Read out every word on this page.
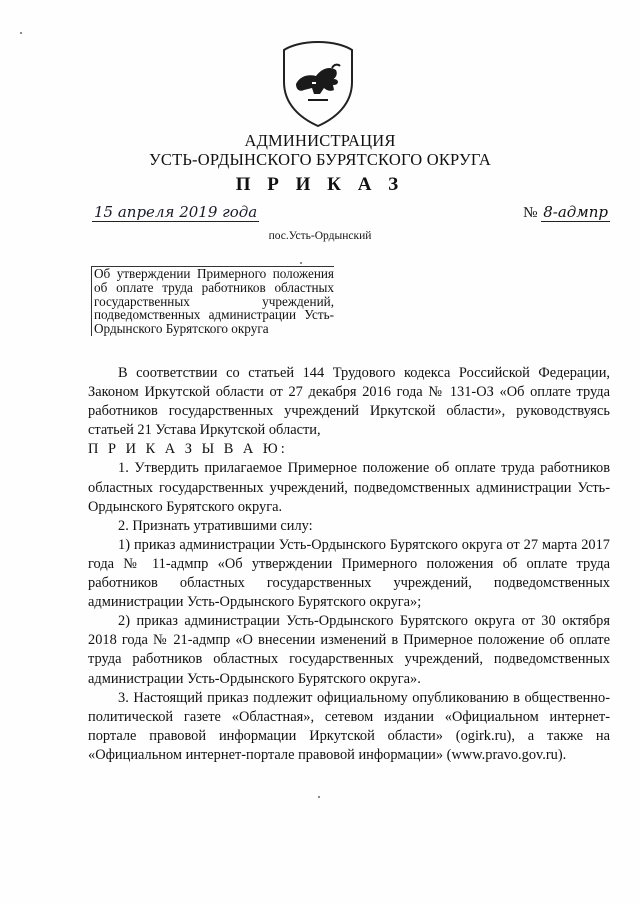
АДМИНИСТРАЦИЯ
УСТЬ-ОРДЫНСКОГО БУРЯТСКОГО ОКРУГА
П Р И К А З
15 апреля 2019 года	№ 8-адмпр
пос.Усть-Ордынский
Об утверждении Примерного положения об оплате труда работников областных государственных учреждений, подведомственных администрации Усть-Ордынского Бурятского округа

В соответствии со статьей 144 Трудового кодекса Российской Федерации, Законом Иркутской области от 27 декабря 2016 года № 131-ОЗ «Об оплате труда работников государственных учреждений Иркутской области», руководствуясь статьей 21 Устава Иркутской области,

П Р И К А З Ы В А Ю:

1. Утвердить прилагаемое Примерное положение об оплате труда работников областных государственных учреждений, подведомственных администрации Усть-Ордынского Бурятского округа.

2. Признать утратившими силу:

1) приказ администрации Усть-Ордынского Бурятского округа от 27 марта 2017 года № 11-адмпр «Об утверждении Примерного положения об оплате труда работников областных государственных учреждений, подведомственных администрации Усть-Ордынского Бурятского округа»;

2) приказ администрации Усть-Ордынского Бурятского округа от 30 октября 2018 года № 21-адмпр «О внесении изменений в Примерное положение об оплате труда работников областных государственных учреждений, подведомственных администрации Усть-Ордынского Бурятского округа».

3. Настоящий приказ подлежит официальному опубликованию в общественно-политической газете «Областная», сетевом издании «Официальном интернет-портале правовой информации Иркутской области» (ogirk.ru), а также на «Официальном интернет-портале правовой информации» (www.pravo.gov.ru).
